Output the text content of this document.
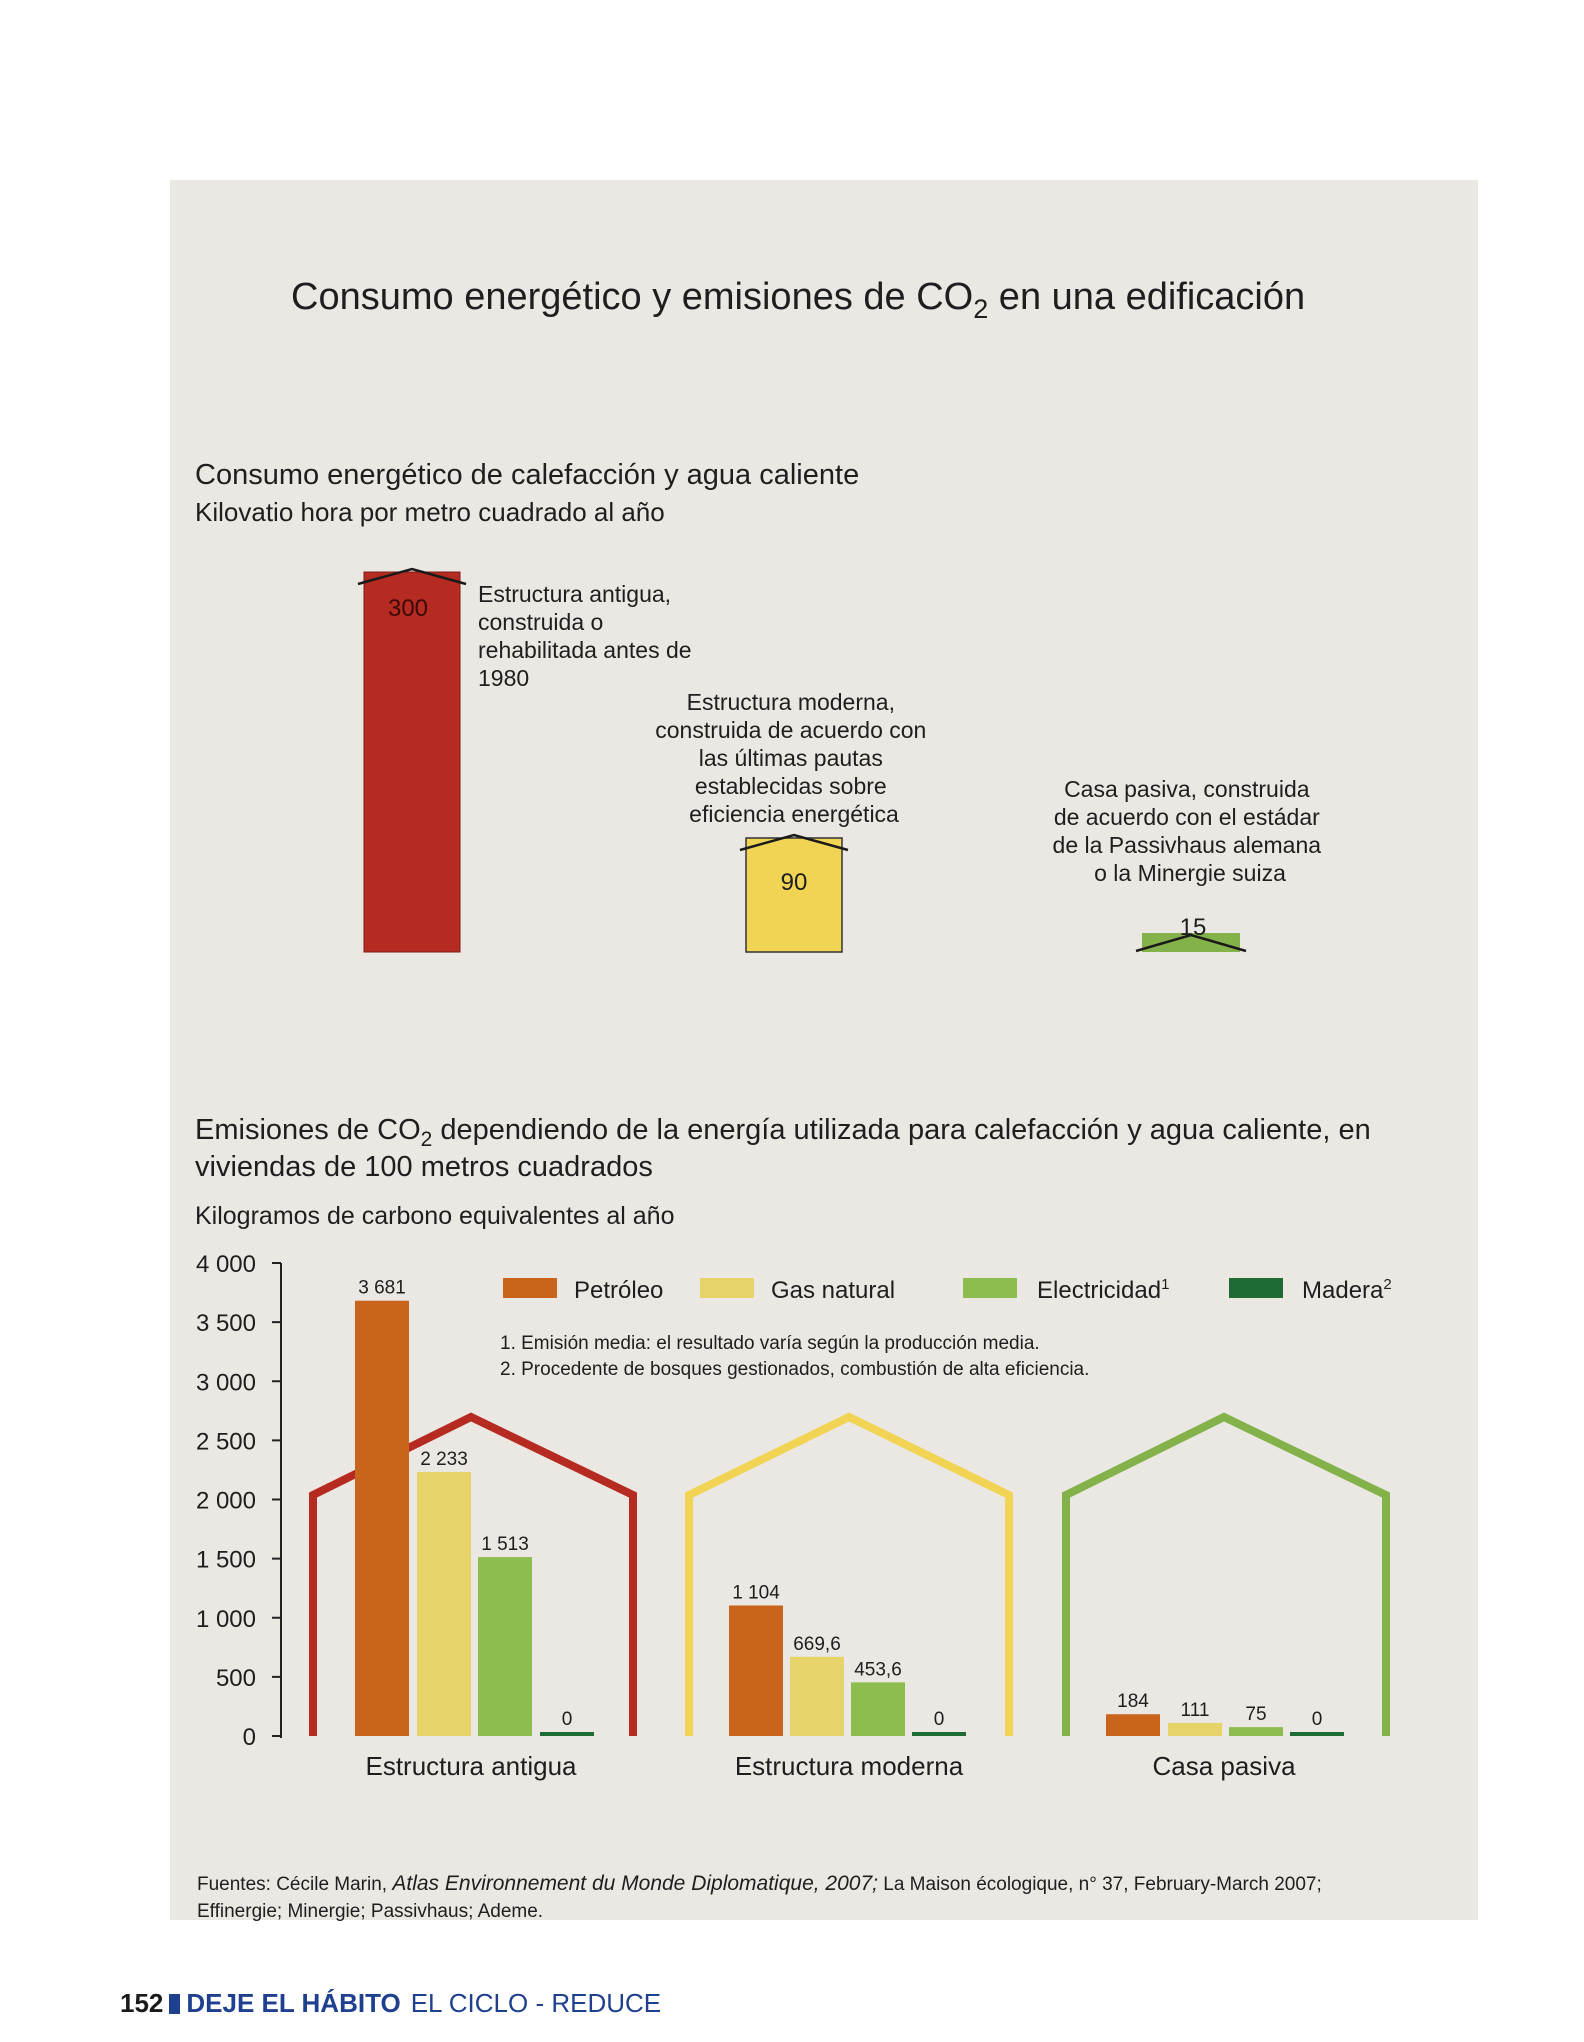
Consumo energético y emisiones de $CO_2$ en una edificación
Consumo energético de calefacción y agua caliente
Kilovatio hora por metro cuadrado al año
300
90
15
Estructura antigua, construida o rehabilitada antes de 1980
Estructura moderna, construida de acuerdo con las últimas pautas establecidas sobre eficiencia energética
Casa pasiva, construida de acuerdo con el estádar de la Passivhaus alemana o la Minergie suiza
Emisiones de $CO_2$ dependiendo de la energía utilizada para calefacción y agua caliente, en
viviendas de 100 metros cuadrados
Kilogramos de carbono equivalentes al año
0
500
1 000
1 500
2 000
2 500
3 000
3 500
4 000
3 681
1 104
184
2 233
669,6
111
1 513
453,6
75
0	0	0
Estructura antigua	Estructura moderna	Casa pasiva
Petróleo	Gas natural	Electricidad$^1$	Madera$^2$
1. Emisión media: el resultado varía según la producción media.
2. Procedente de bosques gestionados, combustión de alta eficiencia.
Fuentes: Cécile Marin, Atlas Environnement du Monde Diplomatique, 2007; La Maison écologique, n° 37, February-March 2007;
Effinergie; Minergie; Passivhaus; Ademe.
152 DEJE EL HÁBITO EL CICLO - REDUCE
